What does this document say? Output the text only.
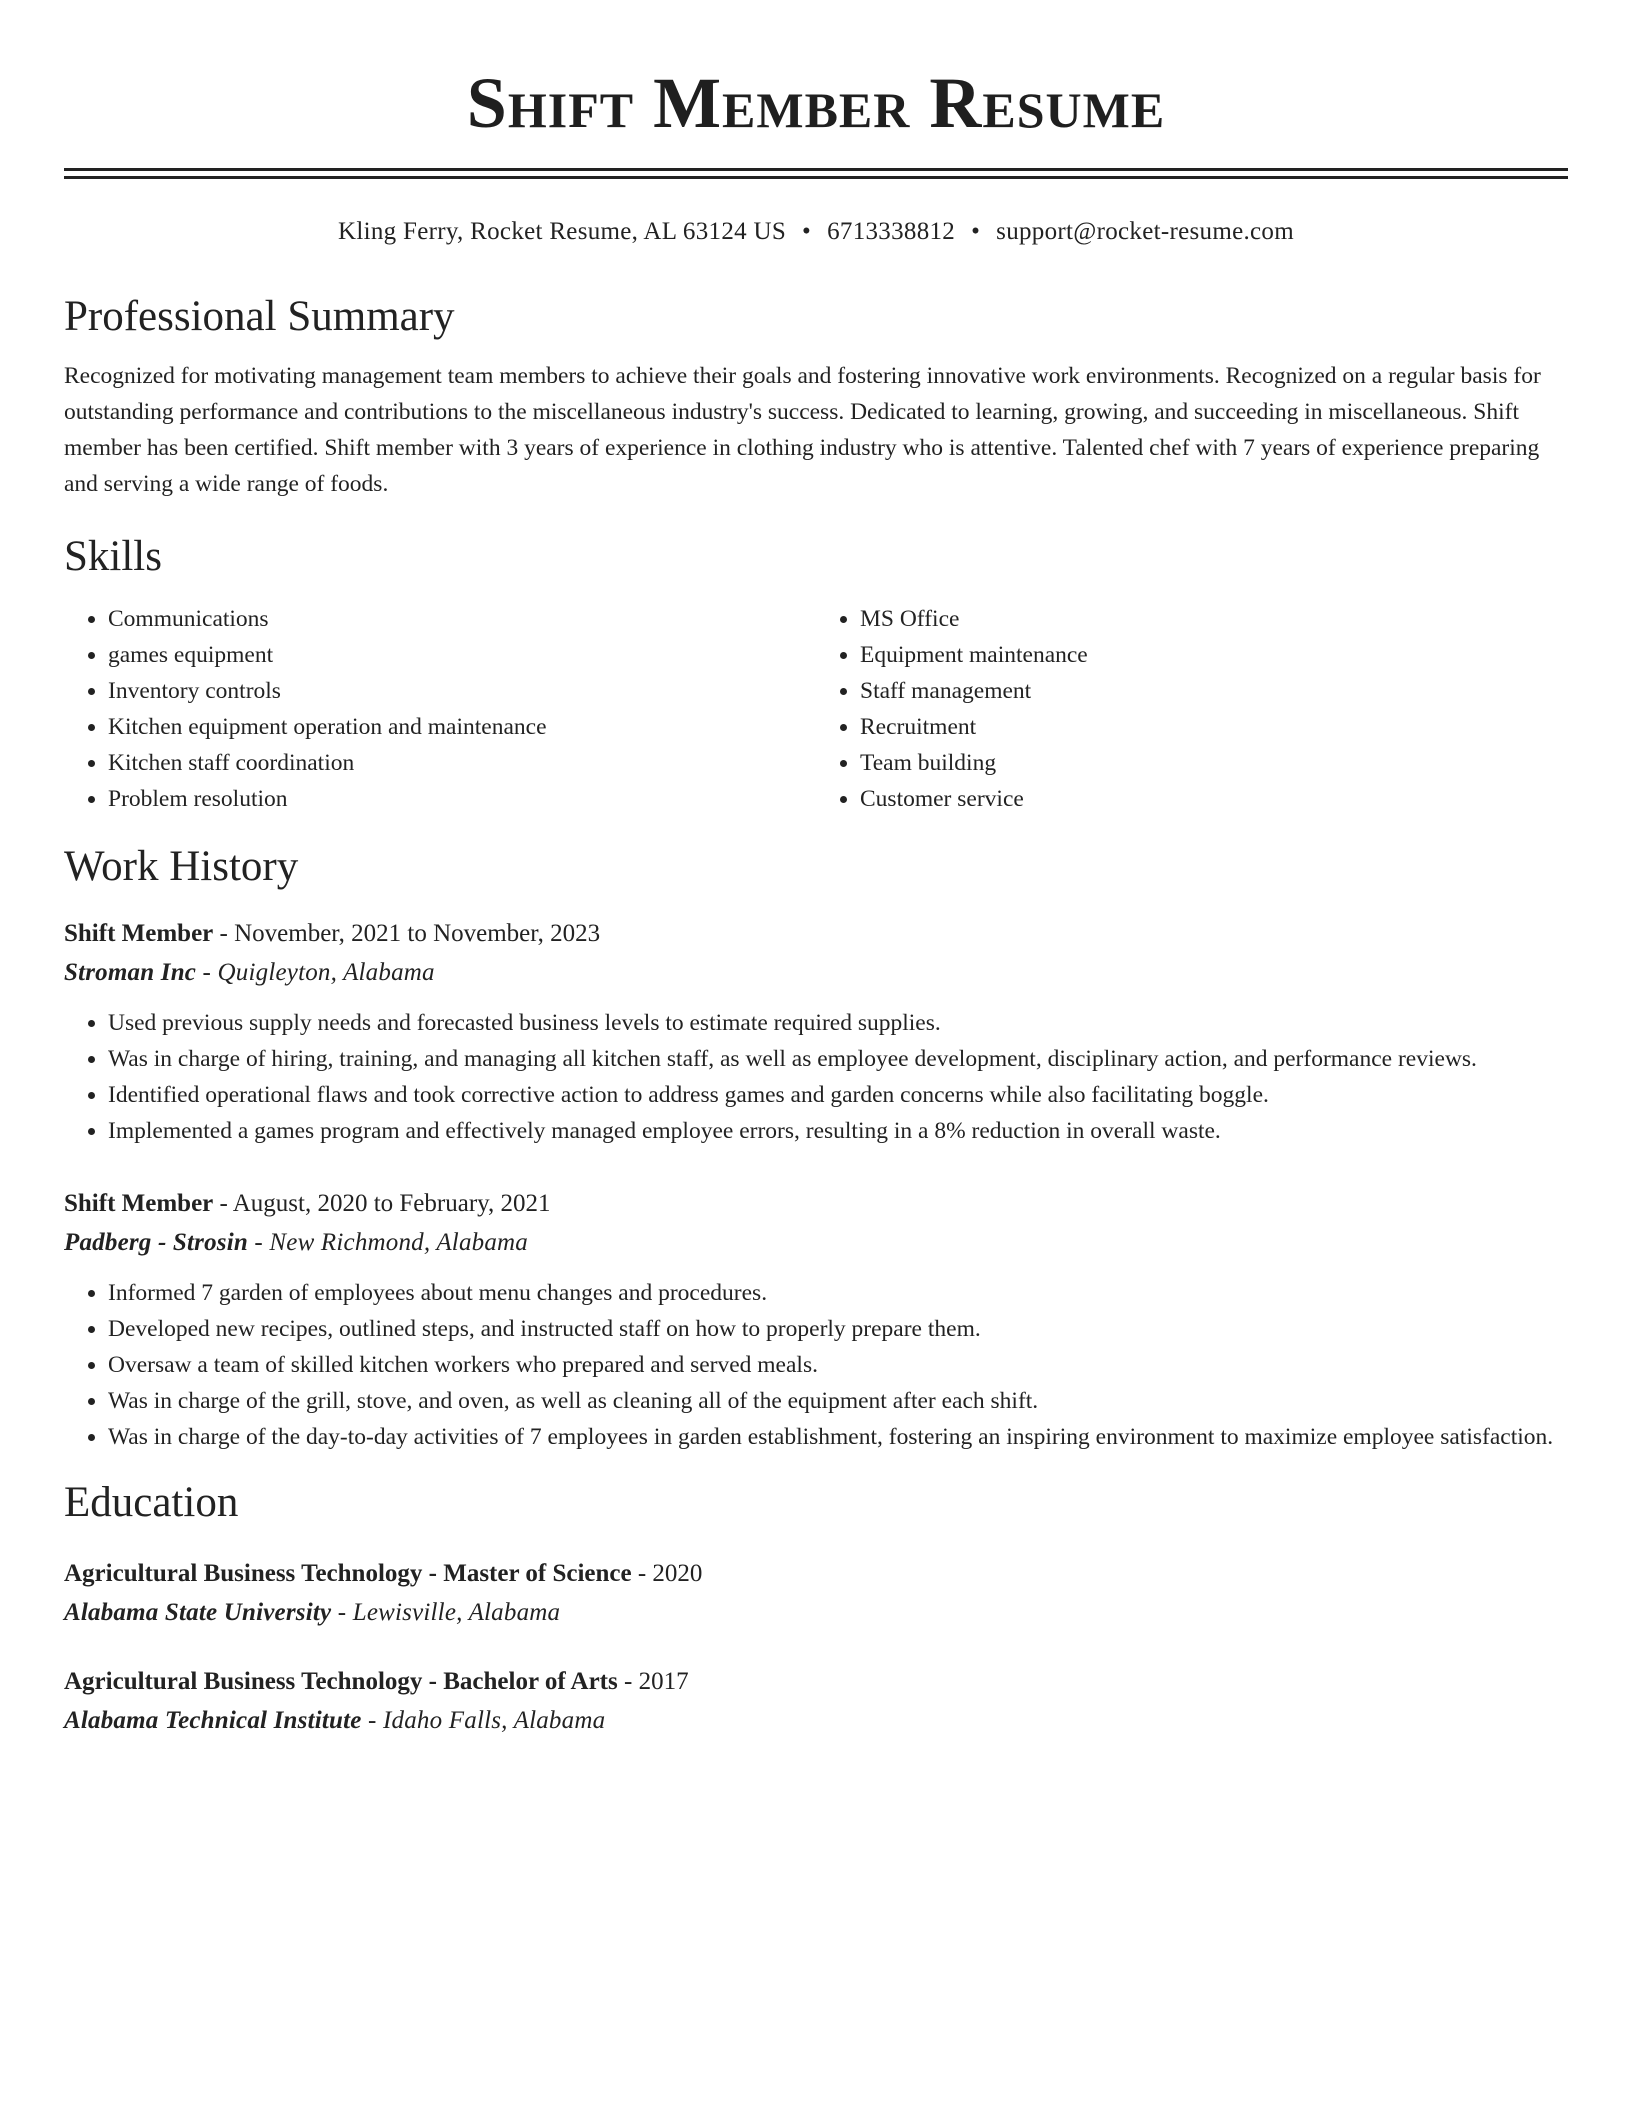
Shift Member Resume
Kling Ferry, Rocket Resume, AL 63124 US • 6713338812 • support@rocket-resume.com
Professional Summary

Recognized for motivating management team members to achieve their goals and fostering innovative work environments. Recognized on a regular basis for outstanding performance and contributions to the miscellaneous industry's success. Dedicated to learning, growing, and succeeding in miscellaneous. Shift member has been certified. Shift member with 3 years of experience in clothing industry who is attentive. Talented chef with 7 years of experience preparing and serving a wide range of foods.

Skills
• Communications
• games equipment
• Inventory controls
• Kitchen equipment operation and maintenance
• Kitchen staff coordination
• Problem resolution
• MS Office
• Equipment maintenance
• Staff management
• Recruitment
• Team building
• Customer service
Work History
Shift Member - November, 2021 to November, 2023
Stroman Inc - Quigleyton, Alabama
• Used previous supply needs and forecasted business levels to estimate required supplies.
• Was in charge of hiring, training, and managing all kitchen staff, as well as employee development, disciplinary action, and performance reviews.
• Identified operational flaws and took corrective action to address games and garden concerns while also facilitating boggle.
• Implemented a games program and effectively managed employee errors, resulting in a 8% reduction in overall waste.
Shift Member - August, 2020 to February, 2021
Padberg - Strosin - New Richmond, Alabama
• Informed 7 garden of employees about menu changes and procedures.
• Developed new recipes, outlined steps, and instructed staff on how to properly prepare them.
• Oversaw a team of skilled kitchen workers who prepared and served meals.
• Was in charge of the grill, stove, and oven, as well as cleaning all of the equipment after each shift.
• Was in charge of the day-to-day activities of 7 employees in garden establishment, fostering an inspiring environment to maximize employee satisfaction.
Education
Agricultural Business Technology - Master of Science - 2020
Alabama State University - Lewisville, Alabama
Agricultural Business Technology - Bachelor of Arts - 2017
Alabama Technical Institute - Idaho Falls, Alabama
